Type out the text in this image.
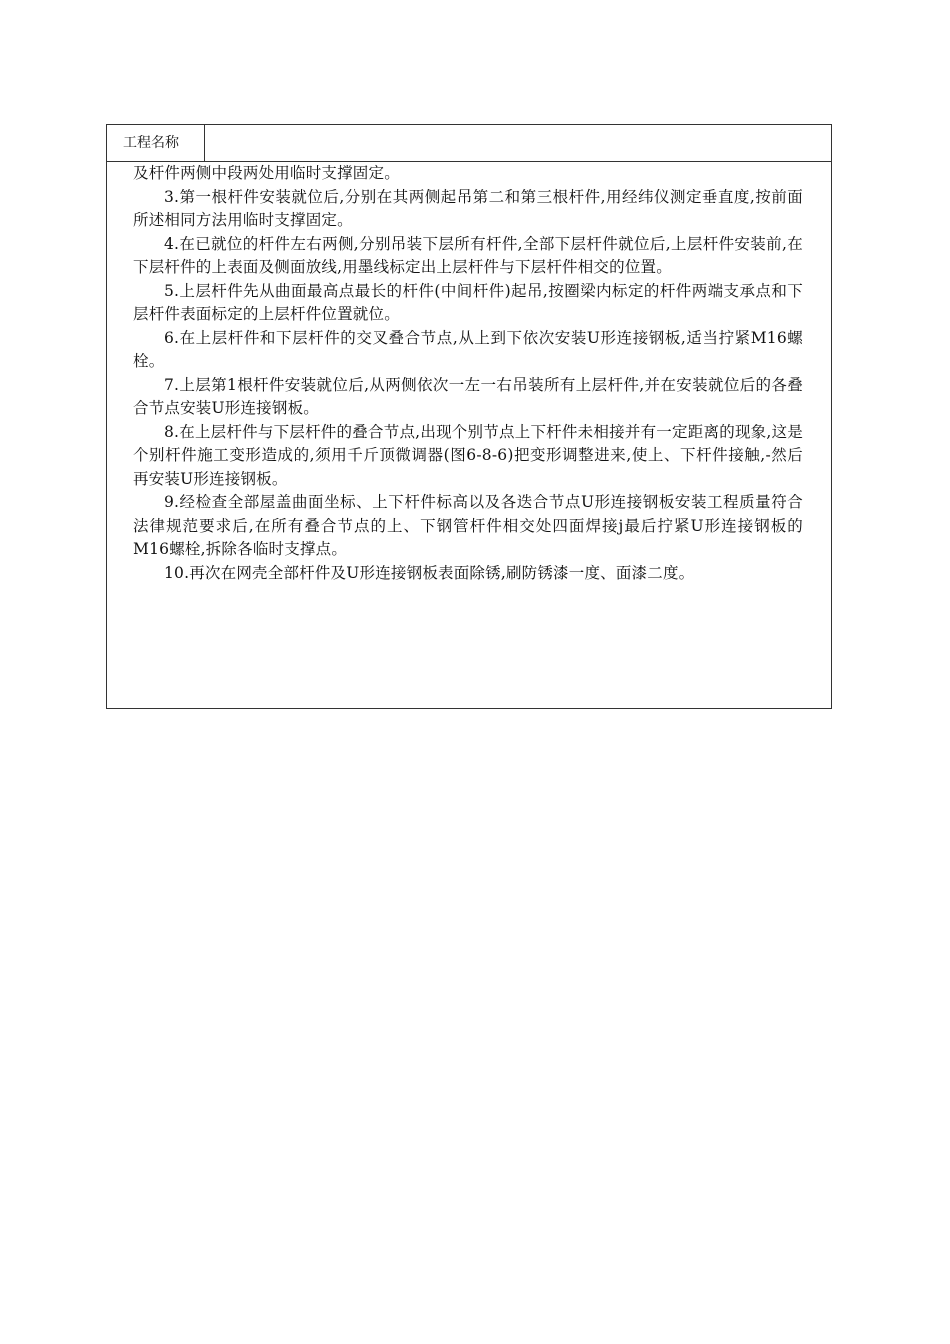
工程名称

及杆件两侧中段两处用临时支撑固定。

3.第一根杆件安装就位后,分别在其两侧起吊第二和第三根杆件,用经纬仪测定垂直度,按前面所述相同方法用临时支撑固定。

4.在已就位的杆件左右两侧,分别吊装下层所有杆件,全部下层杆件就位后,上层杆件安装前,在下层杆件的上表面及侧面放线,用墨线标定出上层杆件与下层杆件相交的位置。

5.上层杆件先从曲面最高点最长的杆件(中间杆件)起吊,按圈梁内标定的杆件两端支承点和下层杆件表面标定的上层杆件位置就位。

6.在上层杆件和下层杆件的交叉叠合节点,从上到下依次安装U形连接钢板,适当拧紧M16螺栓。

7.上层第1根杆件安装就位后,从两侧依次一左一右吊装所有上层杆件,并在安装就位后的各叠合节点安装U形连接钢板。

8.在上层杆件与下层杆件的叠合节点,出现个别节点上下杆件未相接并有一定距离的现象,这是个别杆件施工变形造成的,须用千斤顶微调器(图6-8-6)把变形调整进来,使上、下杆件接触,-然后再安装U形连接钢板。

9.经检查全部屋盖曲面坐标、上下杆件标高以及各迭合节点U形连接钢板安装工程质量符合法律规范要求后,在所有叠合节点的上、下钢管杆件相交处四面焊接j最后拧紧U形连接钢板的M16螺栓,拆除各临时支撑点。

10.再次在网壳全部杆件及U形连接钢板表面除锈,刷防锈漆一度、面漆二度。
